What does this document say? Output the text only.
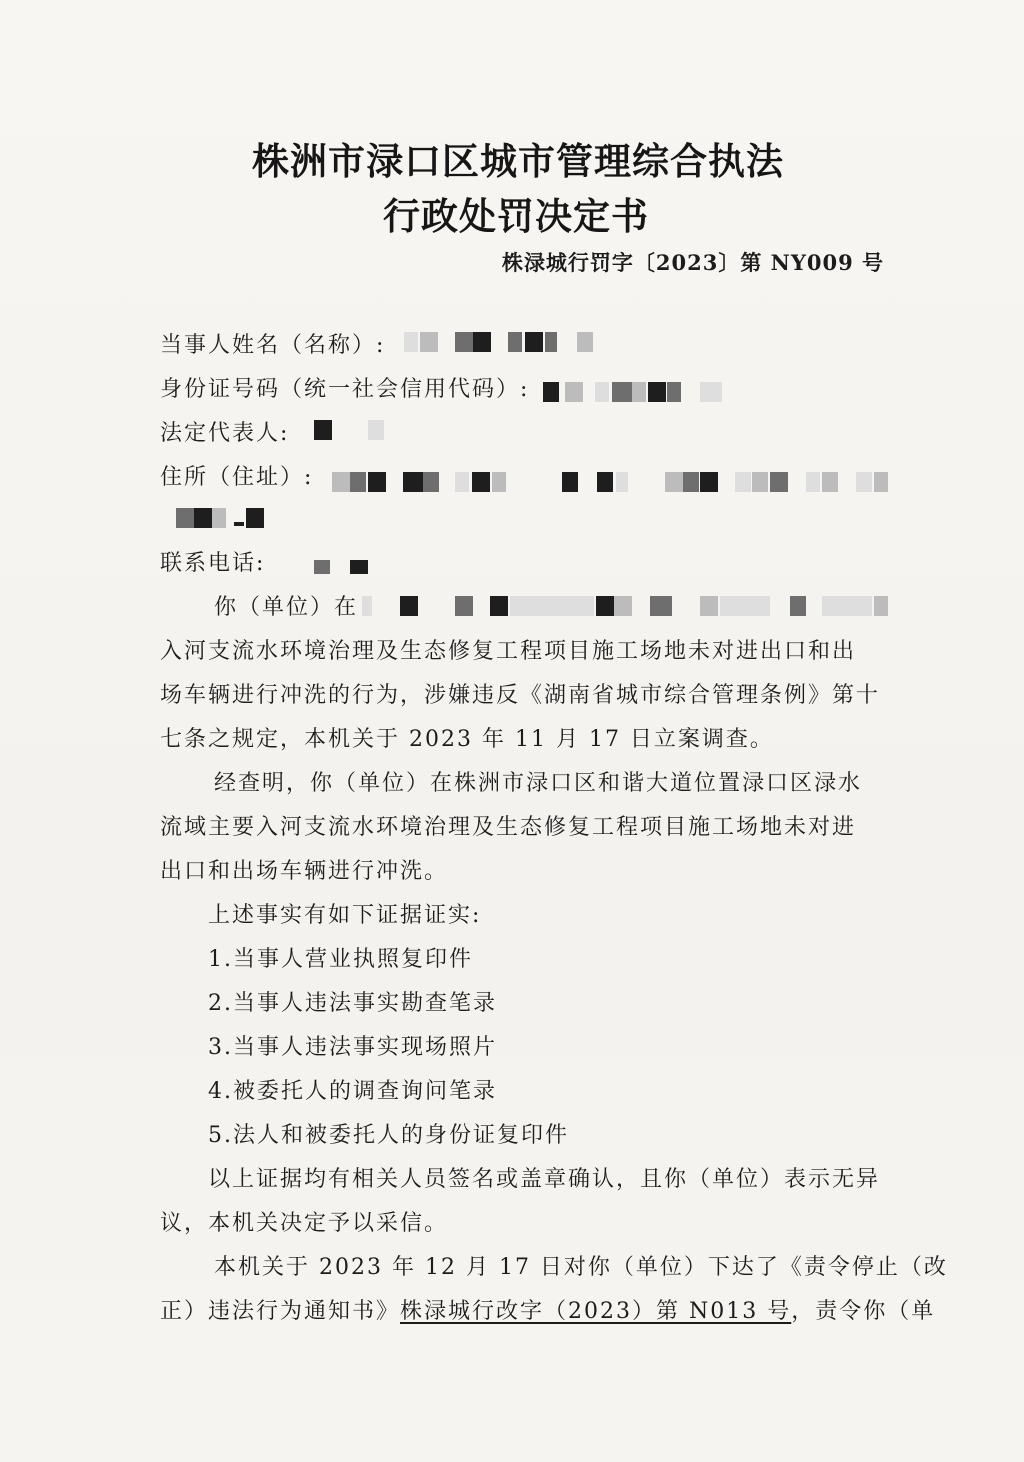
株洲市渌口区城市管理综合执法
行政处罚决定书
株渌城行罚字〔2023〕第 NY009 号
当事人姓名（名称）:
身份证号码（统一社会信用代码）:
法定代表人:
住所（住址）:
联系电话:
你（单位）在
入河支流水环境治理及生态修复工程项目施工场地未对进出口和出
场车辆进行冲洗的行为，涉嫌违反《湖南省城市综合管理条例》第十
七条之规定，本机关于 2023 年 11 月 17 日立案调查。
经查明，你（单位）在株洲市渌口区和谐大道位置渌口区渌水
流域主要入河支流水环境治理及生态修复工程项目施工场地未对进
出口和出场车辆进行冲洗。
上述事实有如下证据证实:
1.当事人营业执照复印件
2.当事人违法事实勘查笔录
3.当事人违法事实现场照片
4.被委托人的调查询问笔录
5.法人和被委托人的身份证复印件
以上证据均有相关人员签名或盖章确认，且你（单位）表示无异
议，本机关决定予以采信。
本机关于 2023 年 12 月 17 日对你（单位）下达了《责令停止（改
正）违法行为通知书》株渌城行改字（2023）第 N013 号，责令你（单
